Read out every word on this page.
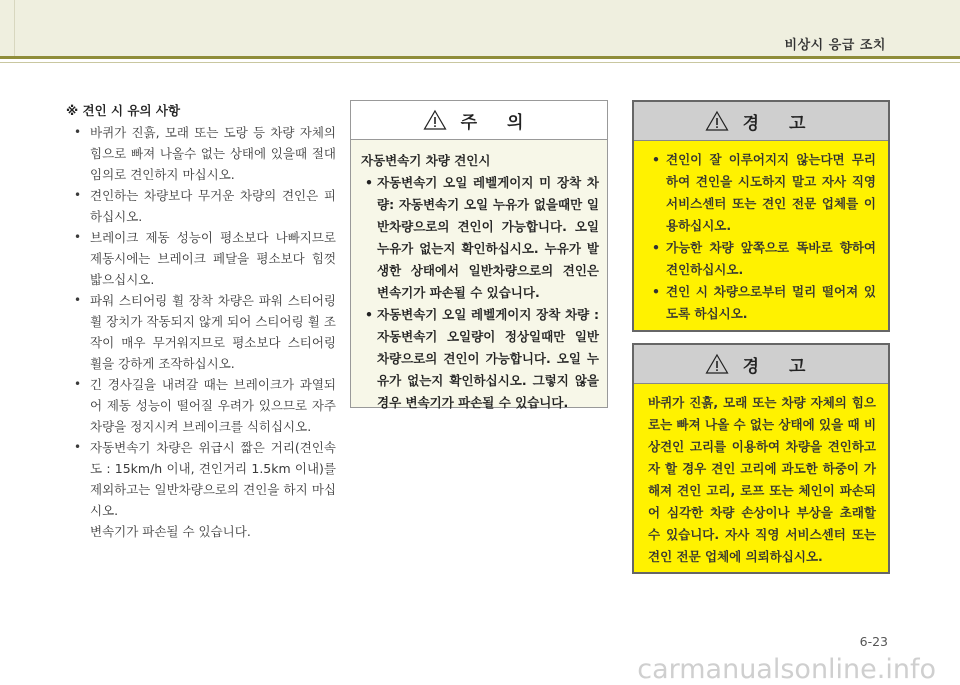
비상시 응급 조치
※ 견인 시 유의 사항
• 바퀴가 진흙, 모래 또는 도랑 등 차량 자체의 힘으로 빠져 나올수 없는 상태에 있을때 절대 임의로 견인하지 마십시오.
• 견인하는 차량보다 무거운 차량의 견인은 피하십시오.
• 브레이크 제동 성능이 평소보다 나빠지므로 제동시에는 브레이크 페달을 평소보다 힘껏 밟으십시오.
• 파워 스티어링 휠 장착 차량은 파워 스티어링 휠 장치가 작동되지 않게 되어 스티어링 휠 조작이 매우 무거워지므로 평소보다 스티어링 휠을 강하게 조작하십시오.
• 긴 경사길을 내려갈 때는 브레이크가 과열되어 제동 성능이 떨어질 우려가 있으므로 자주 차량을 정지시켜 브레이크를 식히십시오.
• 자동변속기 차량은 위급시 짧은 거리(견인속도 : 15km/h 이내, 견인거리 1.5km 이내)를 제외하고는 일반차량으로의 견인을 하지 마십시오.
변속기가 파손될 수 있습니다.
주 의
자동변속기 차량 견인시
• 자동변속기 오일 레벨게이지 미 장착 차량: 자동변속기 오일 누유가 없을때만 일반차량으로의 견인이 가능합니다. 오일 누유가 없는지 확인하십시오. 누유가 발생한 상태에서 일반차량으로의 견인은 변속기가 파손될 수 있습니다.
• 자동변속기 오일 레벨게이지 장착 차량 : 자동변속기 오일량이 정상일때만 일반 차량으로의 견인이 가능합니다. 오일 누유가 없는지 확인하십시오. 그렇지 않을경우 변속기가 파손될 수 있습니다.
경 고
• 견인이 잘 이루어지지 않는다면 무리하여 견인을 시도하지 말고 자사 직영 서비스센터 또는 견인 전문 업체를 이용하십시오.
• 가능한 차량 앞쪽으로 똑바로 향하여 견인하십시오.
• 견인 시 차량으로부터 멀리 떨어져 있도록 하십시오.
경 고

바퀴가 진흙, 모래 또는 차량 자체의 힘으로는 빠져 나올 수 없는 상태에 있을 때 비상견인 고리를 이용하여 차량을 견인하고자 할 경우 견인 고리에 과도한 하중이 가해져 견인 고리, 로프 또는 체인이 파손되어 심각한 차량 손상이나 부상을 초래할 수 있습니다. 자사 직영 서비스센터 또는 견인 전문 업체에 의뢰하십시오.

6-23
carmanualsonline.info
